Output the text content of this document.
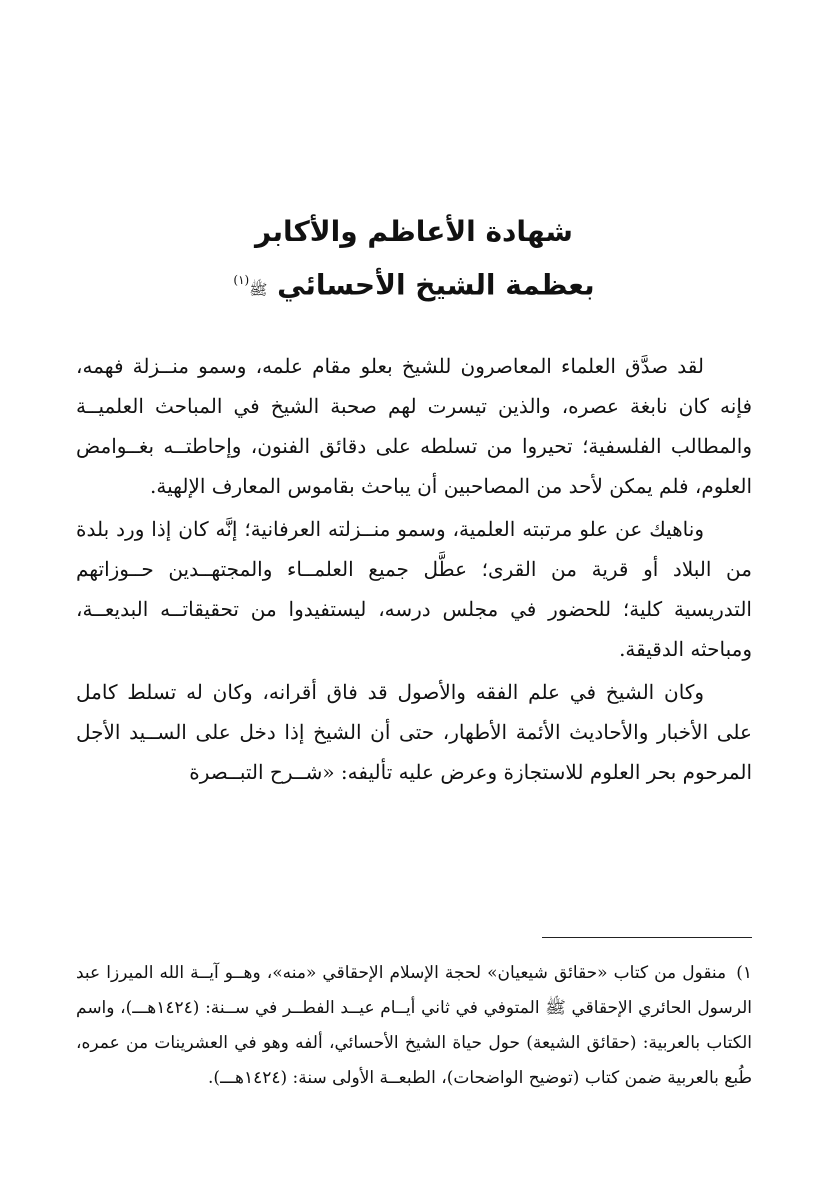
شهادة الأعاظم والأكابر
بعظمة الشيخ الأحسائي ﷺ$^{(١)}$

لقد صدَّق العلماء المعاصرون للشيخ بعلو مقام علمه، وسمو منــزلة فهمه، فإنه كان نابغة عصره، والذين تيسرت لهم صحبة الشيخ في المباحث العلميــة والمطالب الفلسفية؛ تحيروا من تسلطه على دقائق الفنون، وإحاطتــه بغــوامض العلوم، فلم يمكن لأحد من المصاحبين أن يباحث بقاموس المعارف الإلهية.

وناهيك عن علو مرتبته العلمية، وسمو منــزلته العرفانية؛ إنَّه كان إذا ورد بلدة من البلاد أو قرية من القرى؛ عطَّل جميع العلمــاء والمجتهــدين حــوزاتهم التدريسية كلية؛ للحضور في مجلس درسه، ليستفيدوا من تحقيقاتــه البديعــة، ومباحثه الدقيقة.

وكان الشيخ في علم الفقه والأصول قد فاق أقرانه، وكان له تسلط كامل على الأخبار والأحاديث الأئمة الأطهار، حتى أن الشيخ إذا دخل على الســيد الأجل المرحوم بحر العلوم للاستجازة وعرض عليه تأليفه: «شــرح التبــصرة

١) منقول من كتاب «حقائق شيعيان» لحجة الإسلام الإحقاقي «منه»، وهــو آيــة الله الميرزا عبد الرسول الحائري الإحقاقي ﷺ المتوفي في ثاني أيــام عيــد الفطــر في ســنة: (١٤٢٤هـــ)، واسم الكتاب بالعربية: (حقائق الشيعة) حول حياة الشيخ الأحسائي، ألفه وهو في العشرينات من عمره، طُبع بالعربية ضمن كتاب (توضيح الواضحات)، الطبعــة الأولى سنة: (١٤٢٤هـــ).
